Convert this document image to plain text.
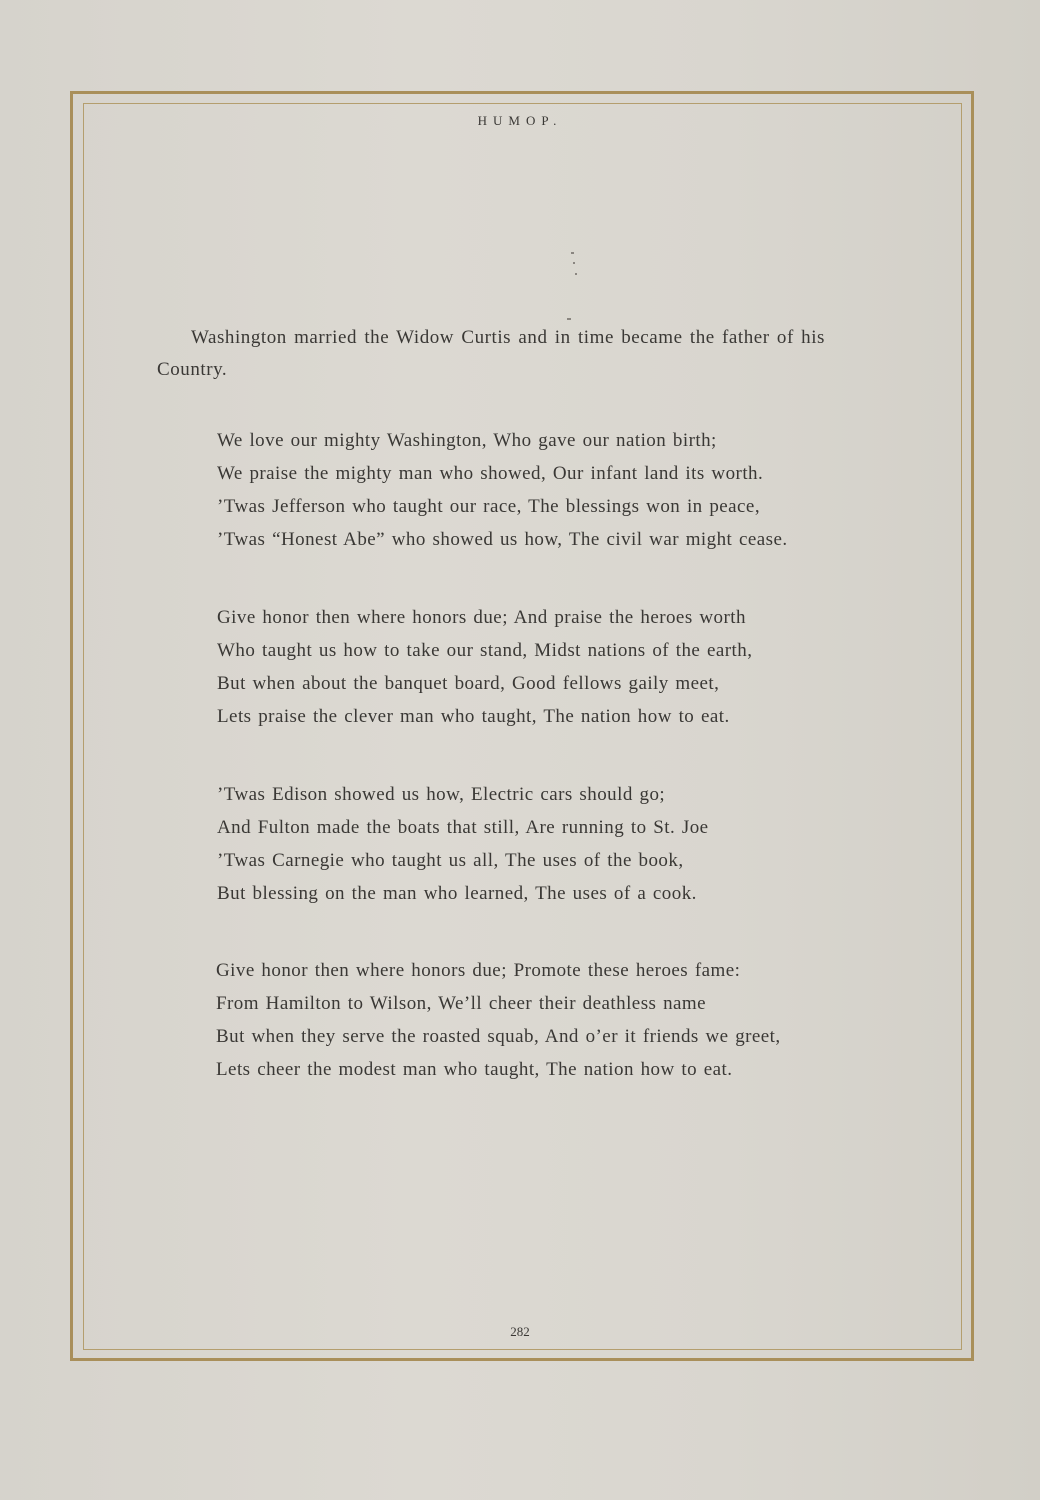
HUMOP.
Washington married the Widow Curtis and in time became the father of his Country.
We love our mighty Washington, Who gave our nation birth;
We praise the mighty man who showed, Our infant land its worth.
’Twas Jefferson who taught our race, The blessings won in peace,
’Twas “Honest Abe” who showed us how, The civil war might cease.
Give honor then where honors due; And praise the heroes worth
Who taught us how to take our stand, Midst nations of the earth,
But when about the banquet board, Good fellows gaily meet,
Lets praise the clever man who taught, The nation how to eat.
’Twas Edison showed us how, Electric cars should go;
And Fulton made the boats that still, Are running to St. Joe
’Twas Carnegie who taught us all, The uses of the book,
But blessing on the man who learned, The uses of a cook.
Give honor then where honors due; Promote these heroes fame:
From Hamilton to Wilson, We’ll cheer their deathless name
But when they serve the roasted squab, And o’er it friends we greet,
Lets cheer the modest man who taught, The nation how to eat.
282
